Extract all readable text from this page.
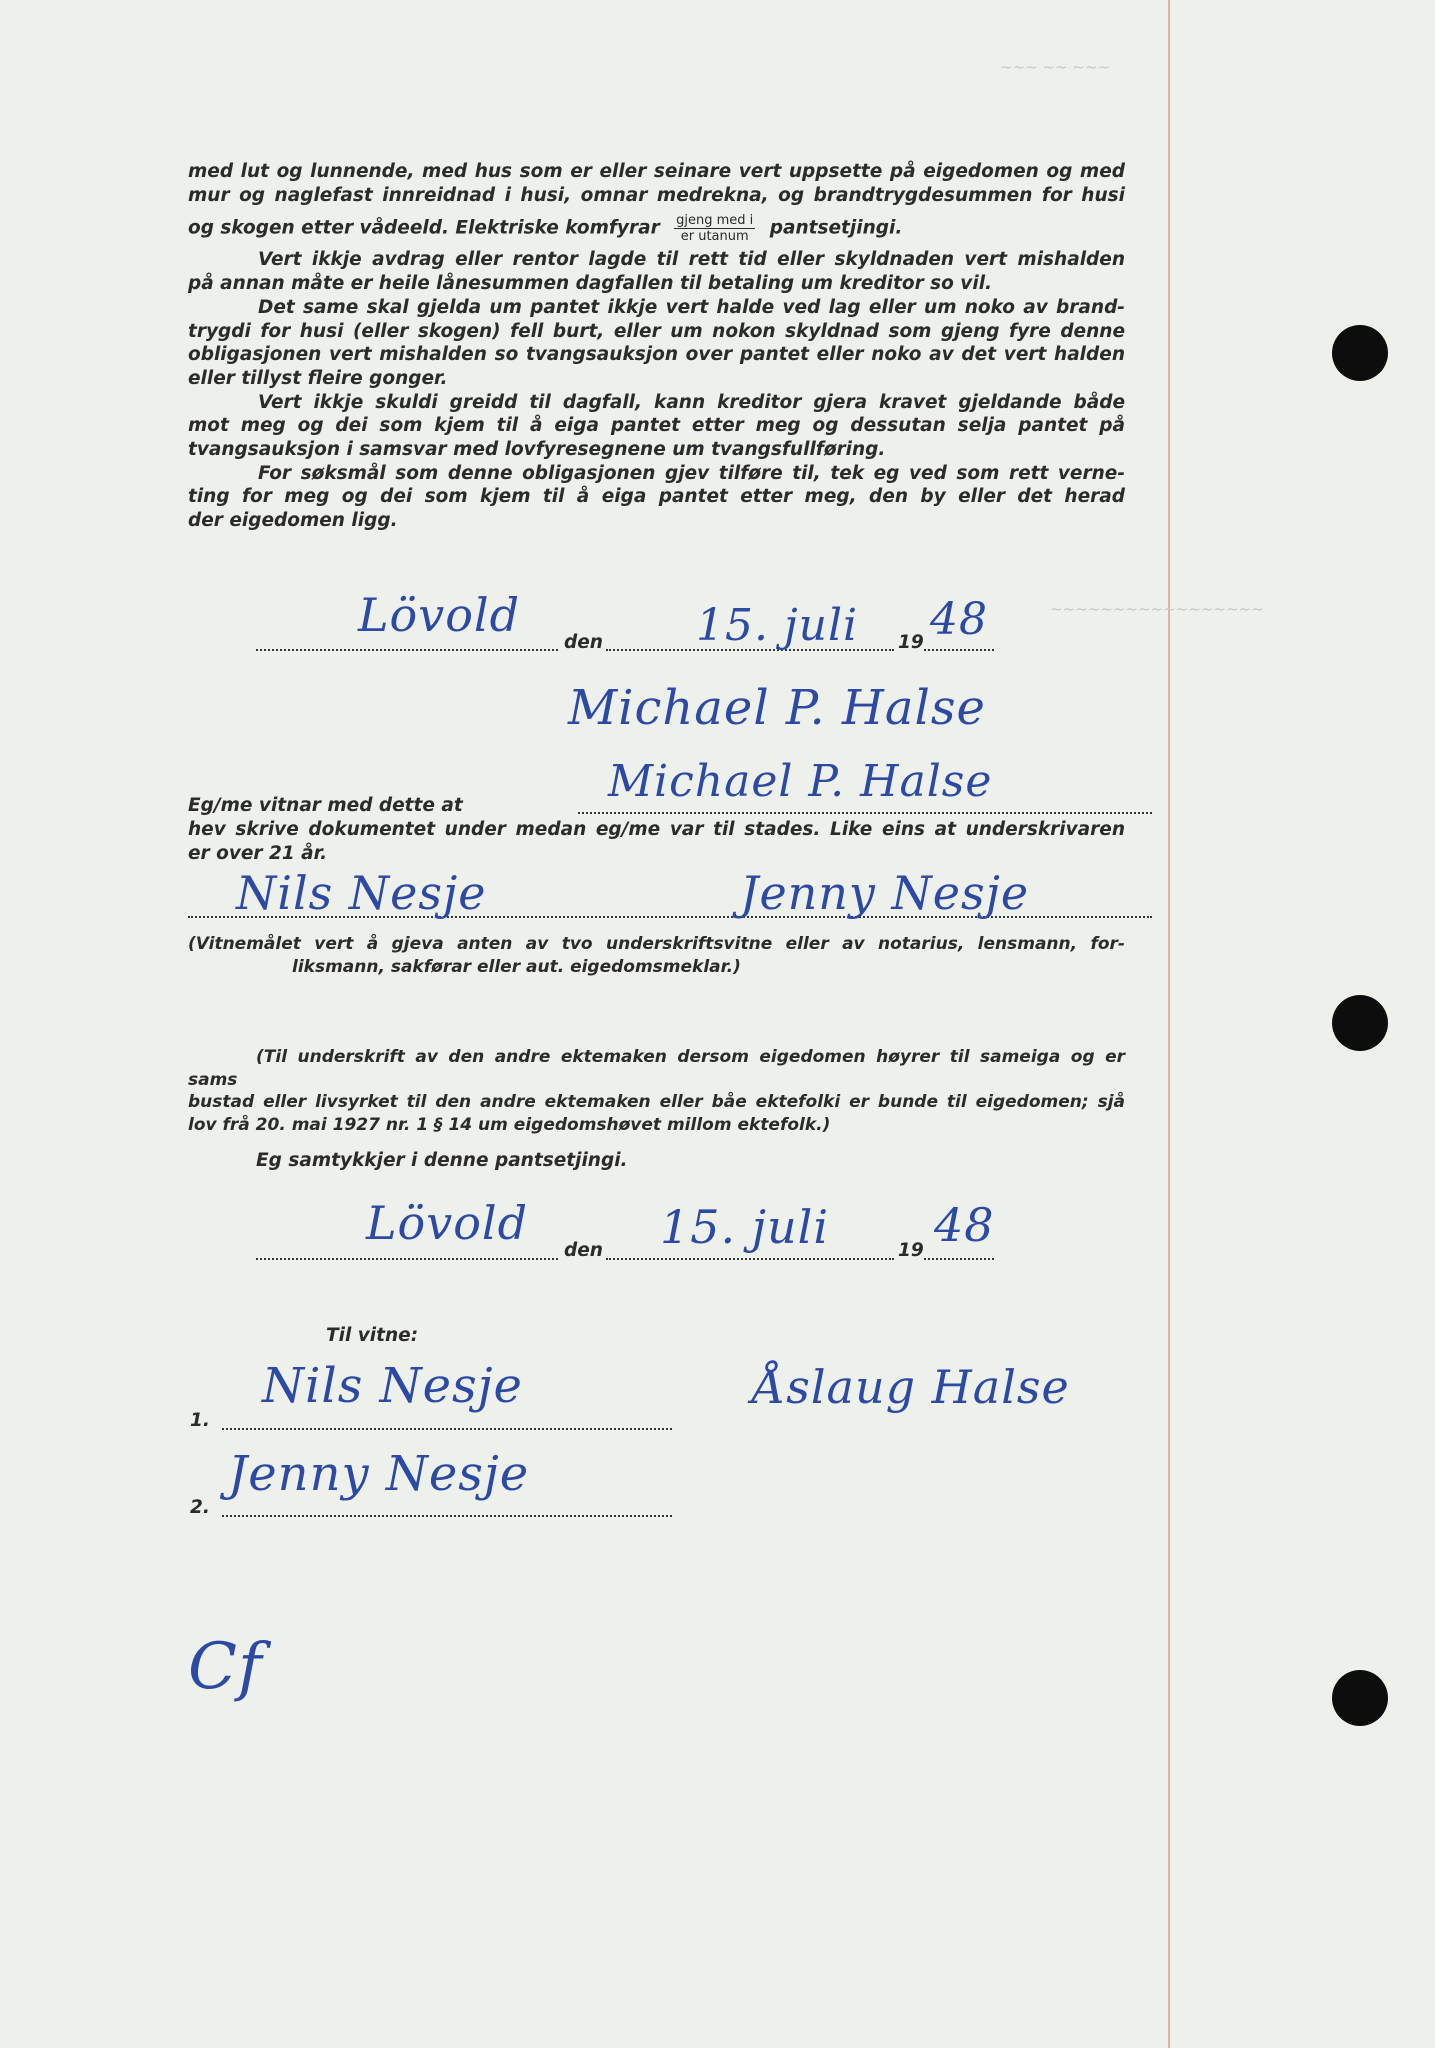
~~~ ~~ ~~~
~~~~~~~~~~~~~~~~~

med lut og lunnende, med hus som er eller seinare vert uppsette på eigedomen og med

mur og naglefast innreidnad i husi, omnar medrekna, og brandtrygdesummen for husi

og skogen etter vådeeld. Elektriske komfyrar $\frac{\text{gjeng med i}}{\text{er utanum}}$ pantsetjingi.

Vert ikkje avdrag eller rentor lagde til rett tid eller skyldnaden vert mishalden

på annan måte er heile lånesummen dagfallen til betaling um kreditor so vil.

Det same skal gjelda um pantet ikkje vert halde ved lag eller um noko av brand-

trygdi for husi (eller skogen) fell burt, eller um nokon skyldnad som gjeng fyre denne

obligasjonen vert mishalden so tvangsauksjon over pantet eller noko av det vert halden

eller tillyst fleire gonger.

Vert ikkje skuldi greidd til dagfall, kann kreditor gjera kravet gjeldande både

mot meg og dei som kjem til å eiga pantet etter meg og dessutan selja pantet på

tvangsauksjon i samsvar med lovfyresegnene um tvangsfullføring.

For søksmål som denne obligasjonen gjev tilføre til, tek eg ved som rett verne-

ting for meg og dei som kjem til å eiga pantet etter meg, den by eller det herad

der eigedomen ligg.

den	19
Lövold	15. juli 48
Michael P. Halse
Michael P. Halse
Eg/me vitnar med dette at

hev skrive dokumentet under medan eg/me var til stades. Like eins at underskrivaren

er over 21 år.

Nils Nesje	Jenny Nesje

(Vitnemålet vert å gjeva anten av tvo underskriftsvitne eller av notarius, lensmann, for-

liksmann, sakførar eller aut. eigedomsmeklar.)

(Til underskrift av den andre ektemaken dersom eigedomen høyrer til sameiga og er sams

bustad eller livsyrket til den andre ektemaken eller båe ektefolki er bunde til eigedomen; sjå

lov frå 20. mai 1927 nr. 1 § 14 um eigedomshøvet millom ektefolk.)

Eg samtykkjer i denne pantsetjingi.
den	19
Lövold	15. juli 48
Til vitne:
1.
2.
Nils Nesje
Jenny Nesje
Åslaug Halse
Cf
